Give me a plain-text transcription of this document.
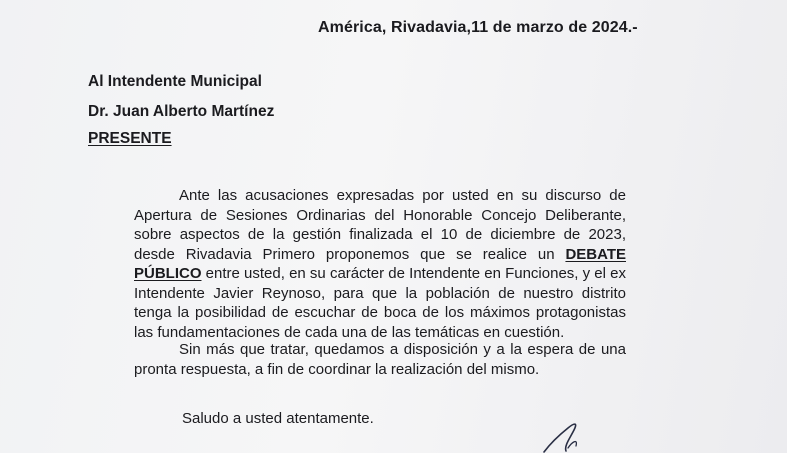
América, Rivadavia,11 de marzo de 2024.-
Al Intendente Municipal
Dr. Juan Alberto Martínez
PRESENTE
Ante las acusaciones expresadas por usted en su discurso de Apertura de Sesiones Ordinarias del Honorable Concejo Deliberante, sobre aspectos de la gestión finalizada el 10 de diciembre de 2023, desde Rivadavia Primero proponemos que se realice un DEBATE PÚBLICO entre usted, en su carácter de Intendente en Funciones, y el ex Intendente Javier Reynoso, para que la población de nuestro distrito tenga la posibilidad de escuchar de boca de los máximos protagonistas las fundamentaciones de cada una de las temáticas en cuestión.
Sin más que tratar, quedamos a disposición y a la espera de una pronta respuesta, a fin de coordinar la realización del mismo.
Saludo a usted atentamente.
